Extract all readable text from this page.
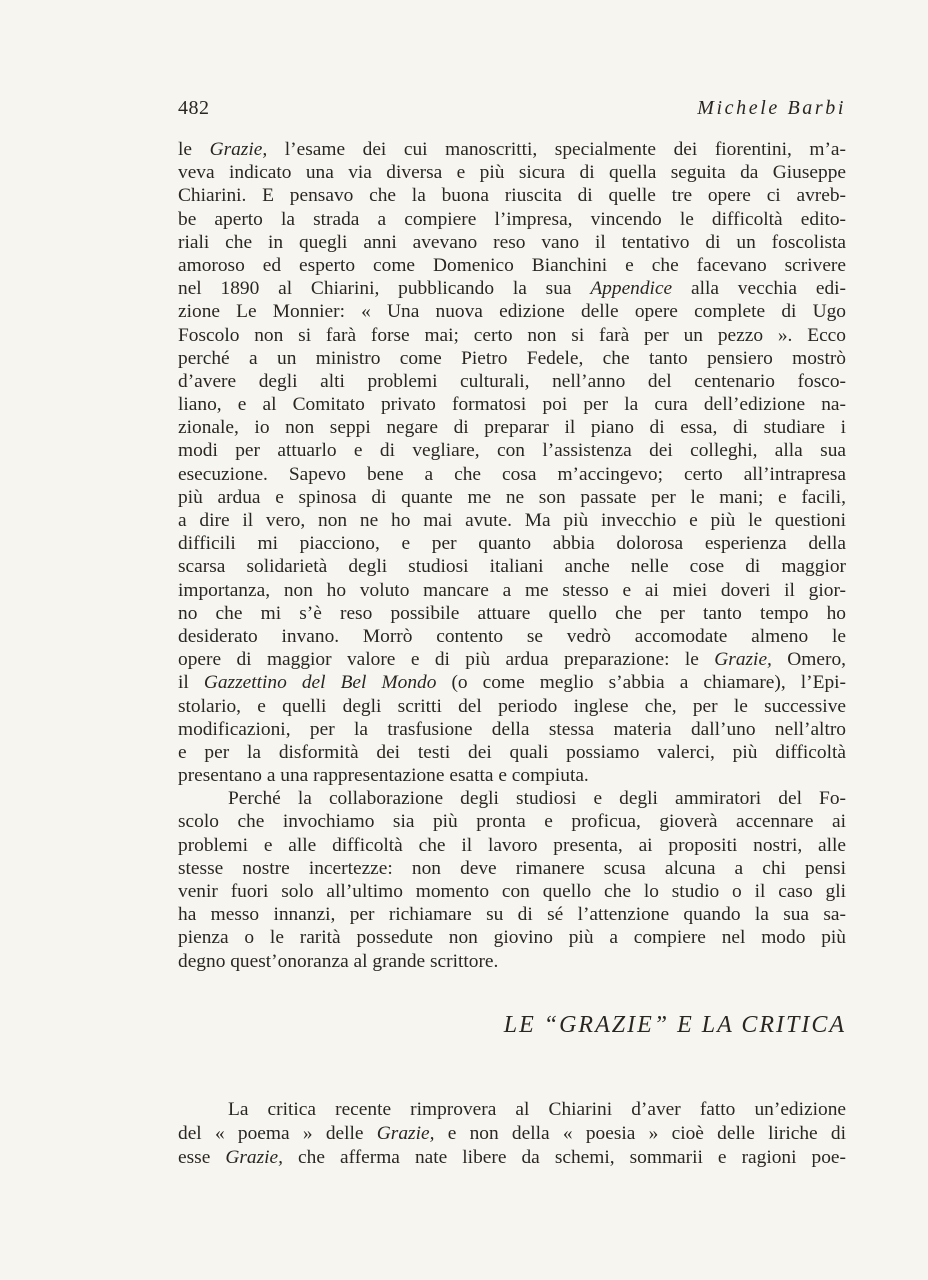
482	Michele Barbi
le Grazie, l’esame dei cui manoscritti, specialmente dei fiorentini, m’a-
veva indicato una via diversa e più sicura di quella seguita da Giuseppe
Chiarini. E pensavo che la buona riuscita di quelle tre opere ci avreb-
be aperto la strada a compiere l’impresa, vincendo le difficoltà edito-
riali che in quegli anni avevano reso vano il tentativo di un foscolista
amoroso ed esperto come Domenico Bianchini e che facevano scrivere
nel 1890 al Chiarini, pubblicando la sua Appendice alla vecchia edi-
zione Le Monnier: « Una nuova edizione delle opere complete di Ugo
Foscolo non si farà forse mai; certo non si farà per un pezzo ». Ecco
perché a un ministro come Pietro Fedele, che tanto pensiero mostrò
d’avere degli alti problemi culturali, nell’anno del centenario fosco-
liano, e al Comitato privato formatosi poi per la cura dell’edizione na-
zionale, io non seppi negare di preparar il piano di essa, di studiare i
modi per attuarlo e di vegliare, con l’assistenza dei colleghi, alla sua
esecuzione. Sapevo bene a che cosa m’accingevo; certo all’intrapresa
più ardua e spinosa di quante me ne son passate per le mani; e facili,
a dire il vero, non ne ho mai avute. Ma più invecchio e più le questioni
difficili mi piacciono, e per quanto abbia dolorosa esperienza della
scarsa solidarietà degli studiosi italiani anche nelle cose di maggior
importanza, non ho voluto mancare a me stesso e ai miei doveri il gior-
no che mi s’è reso possibile attuare quello che per tanto tempo ho
desiderato invano. Morrò contento se vedrò accomodate almeno le
opere di maggior valore e di più ardua preparazione: le Grazie, Omero,
il Gazzettino del Bel Mondo (o come meglio s’abbia a chiamare), l’Epi-
stolario, e quelli degli scritti del periodo inglese che, per le successive
modificazioni, per la trasfusione della stessa materia dall’uno nell’altro
e per la disformità dei testi dei quali possiamo valerci, più difficoltà
presentano a una rappresentazione esatta e compiuta.
Perché la collaborazione degli studiosi e degli ammiratori del Fo-
scolo che invochiamo sia più pronta e proficua, gioverà accennare ai
problemi e alle difficoltà che il lavoro presenta, ai propositi nostri, alle
stesse nostre incertezze: non deve rimanere scusa alcuna a chi pensi
venir fuori solo all’ultimo momento con quello che lo studio o il caso gli
ha messo innanzi, per richiamare su di sé l’attenzione quando la sua sa-
pienza o le rarità possedute non giovino più a compiere nel modo più
degno quest’onoranza al grande scrittore.
LE “GRAZIE” E LA CRITICA
La critica recente rimprovera al Chiarini d’aver fatto un’edizione
del « poema » delle Grazie, e non della « poesia » cioè delle liriche di
esse Grazie, che afferma nate libere da schemi, sommarii e ragioni poe-
